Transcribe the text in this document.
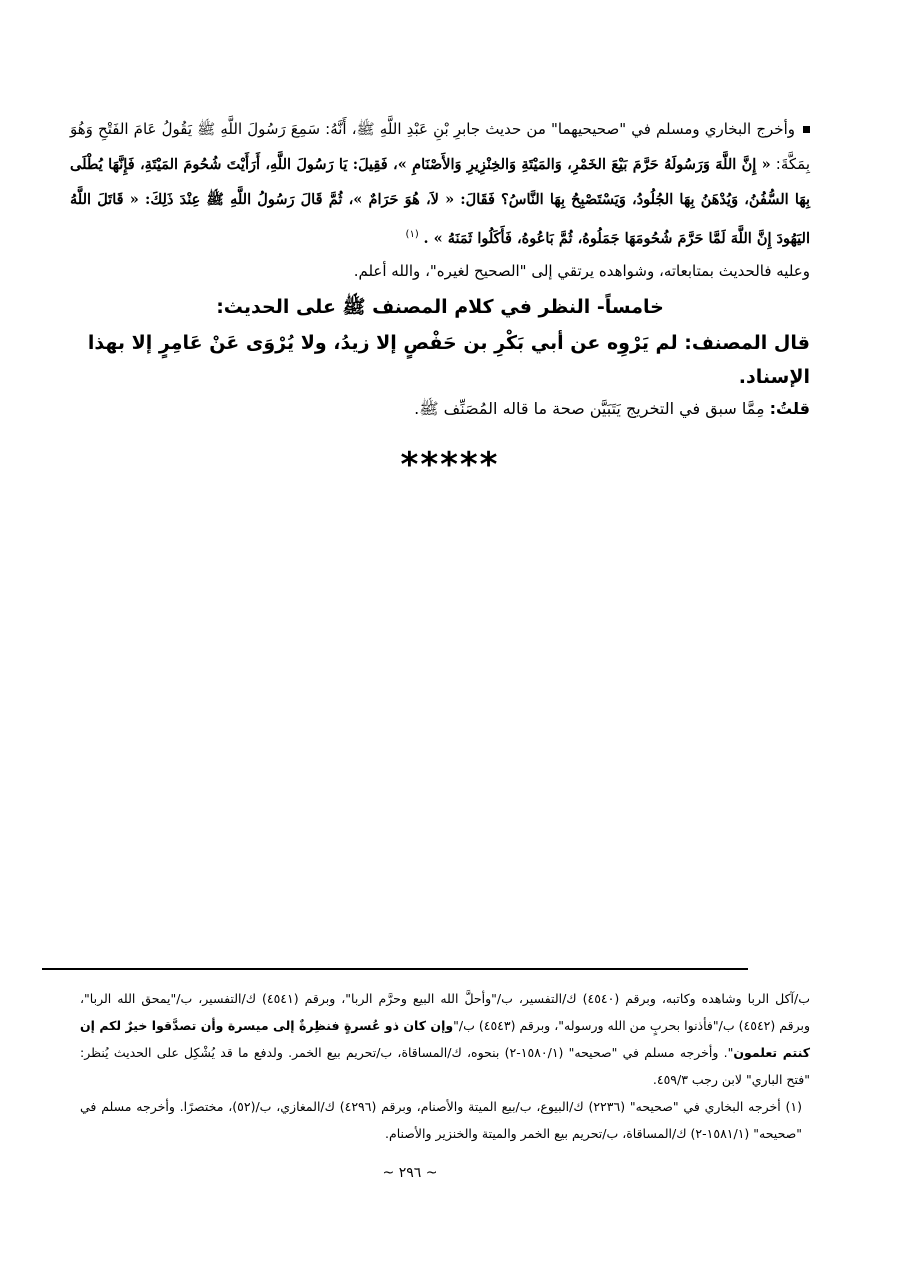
وأخرج البخاري ومسلم في "صحيحيهما" من حديث جابرِ بْنِ عَبْدِ اللَّهِ ﷺ، أَنَّهُ: سَمِعَ رَسُولَ اللَّهِ ﷺ يَقُولُ عَامَ الفَتْحِ وَهُوَ بِمَكَّةَ: « إِنَّ اللَّهَ وَرَسُولَهُ حَرَّمَ بَيْعَ الخَمْرِ، وَالمَيْتَةِ وَالخِنْزِيرِ وَالأَصْنَامِ »، فَقِيلَ: يَا رَسُولَ اللَّهِ، أَرَأَيْتَ شُحُومَ المَيْتَةِ، فَإِنَّهَا يُطْلَى بِهَا السُّفُنُ، وَيُدْهَنُ بِهَا الجُلُودُ، وَيَسْتَصْبِحُ بِهَا النَّاسُ؟ فَقَالَ: « لاَ، هُوَ حَرَامٌ »، ثُمَّ قَالَ رَسُولُ اللَّهِ ﷺ عِنْدَ ذَلِكَ: « قَاتَلَ اللَّهُ اليَهُودَ إِنَّ اللَّهَ لَمَّا حَرَّمَ شُحُومَهَا جَمَلُوهُ، ثُمَّ بَاعُوهُ، فَأَكَلُوا ثَمَنَهُ » . $^{(١)}$

وعليه فالحديث بمتابعاته، وشواهده يرتقي إلى "الصحيح لغيره"، والله أعلم.

خامساً- النظر في كلام المصنف ﷺ على الحديث:

قال المصنف: لم يَرْوِه عن أبي بَكْرِ بن حَفْصٍ إلا زيدُ، ولا يُرْوَى عَنْ عَامِرٍ إلا بهذا الإسناد.

قلتُ: مِمَّا سبق في التخريج يَتَبَيَّن صحة ما قاله المُصَنِّف ﷺ.

*****

ب/آكل الربا وشاهده وكاتبه، وبرقم (٤٥٤٠) ك/التفسير، ب/"وأحلَّ الله البيع وحرَّم الربا"، وبرقم (٤٥٤١) ك/التفسير، ب/"يمحق الله الربا"، وبرقم (٤٥٤٢) ب/"فأذنوا بحربٍ من الله ورسوله"، وبرقم (٤٥٤٣) ب/"وإن كان ذو عُسرةٍ فنظِرةٌ إلى ميسرة وأن تصدَّقوا خيرٌ لكم إن كنتم تعلمون". وأخرجه مسلم في "صحيحه" (١٥٨٠/١-٢) بنحوه، ك/المساقاة، ب/تحريم بيع الخمر. ولدفع ما قد يُشْكِل على الحديث يُنظر: "فتح الباري" لابن رجب ٤٥٩/٣.

(١) أخرجه البخاري في "صحيحه" (٢٢٣٦) ك/البيوع، ب/بيع الميتة والأصنام، وبرقم (٤٢٩٦) ك/المغازي، ب/(٥٢)، مختصرًا. وأخرجه مسلم في "صحيحه" (١٥٨١/١-٢) ك/المساقاة، ب/تحريم بيع الخمر والميتة والخنزير والأصنام.

~ ٢٩٦ ~
